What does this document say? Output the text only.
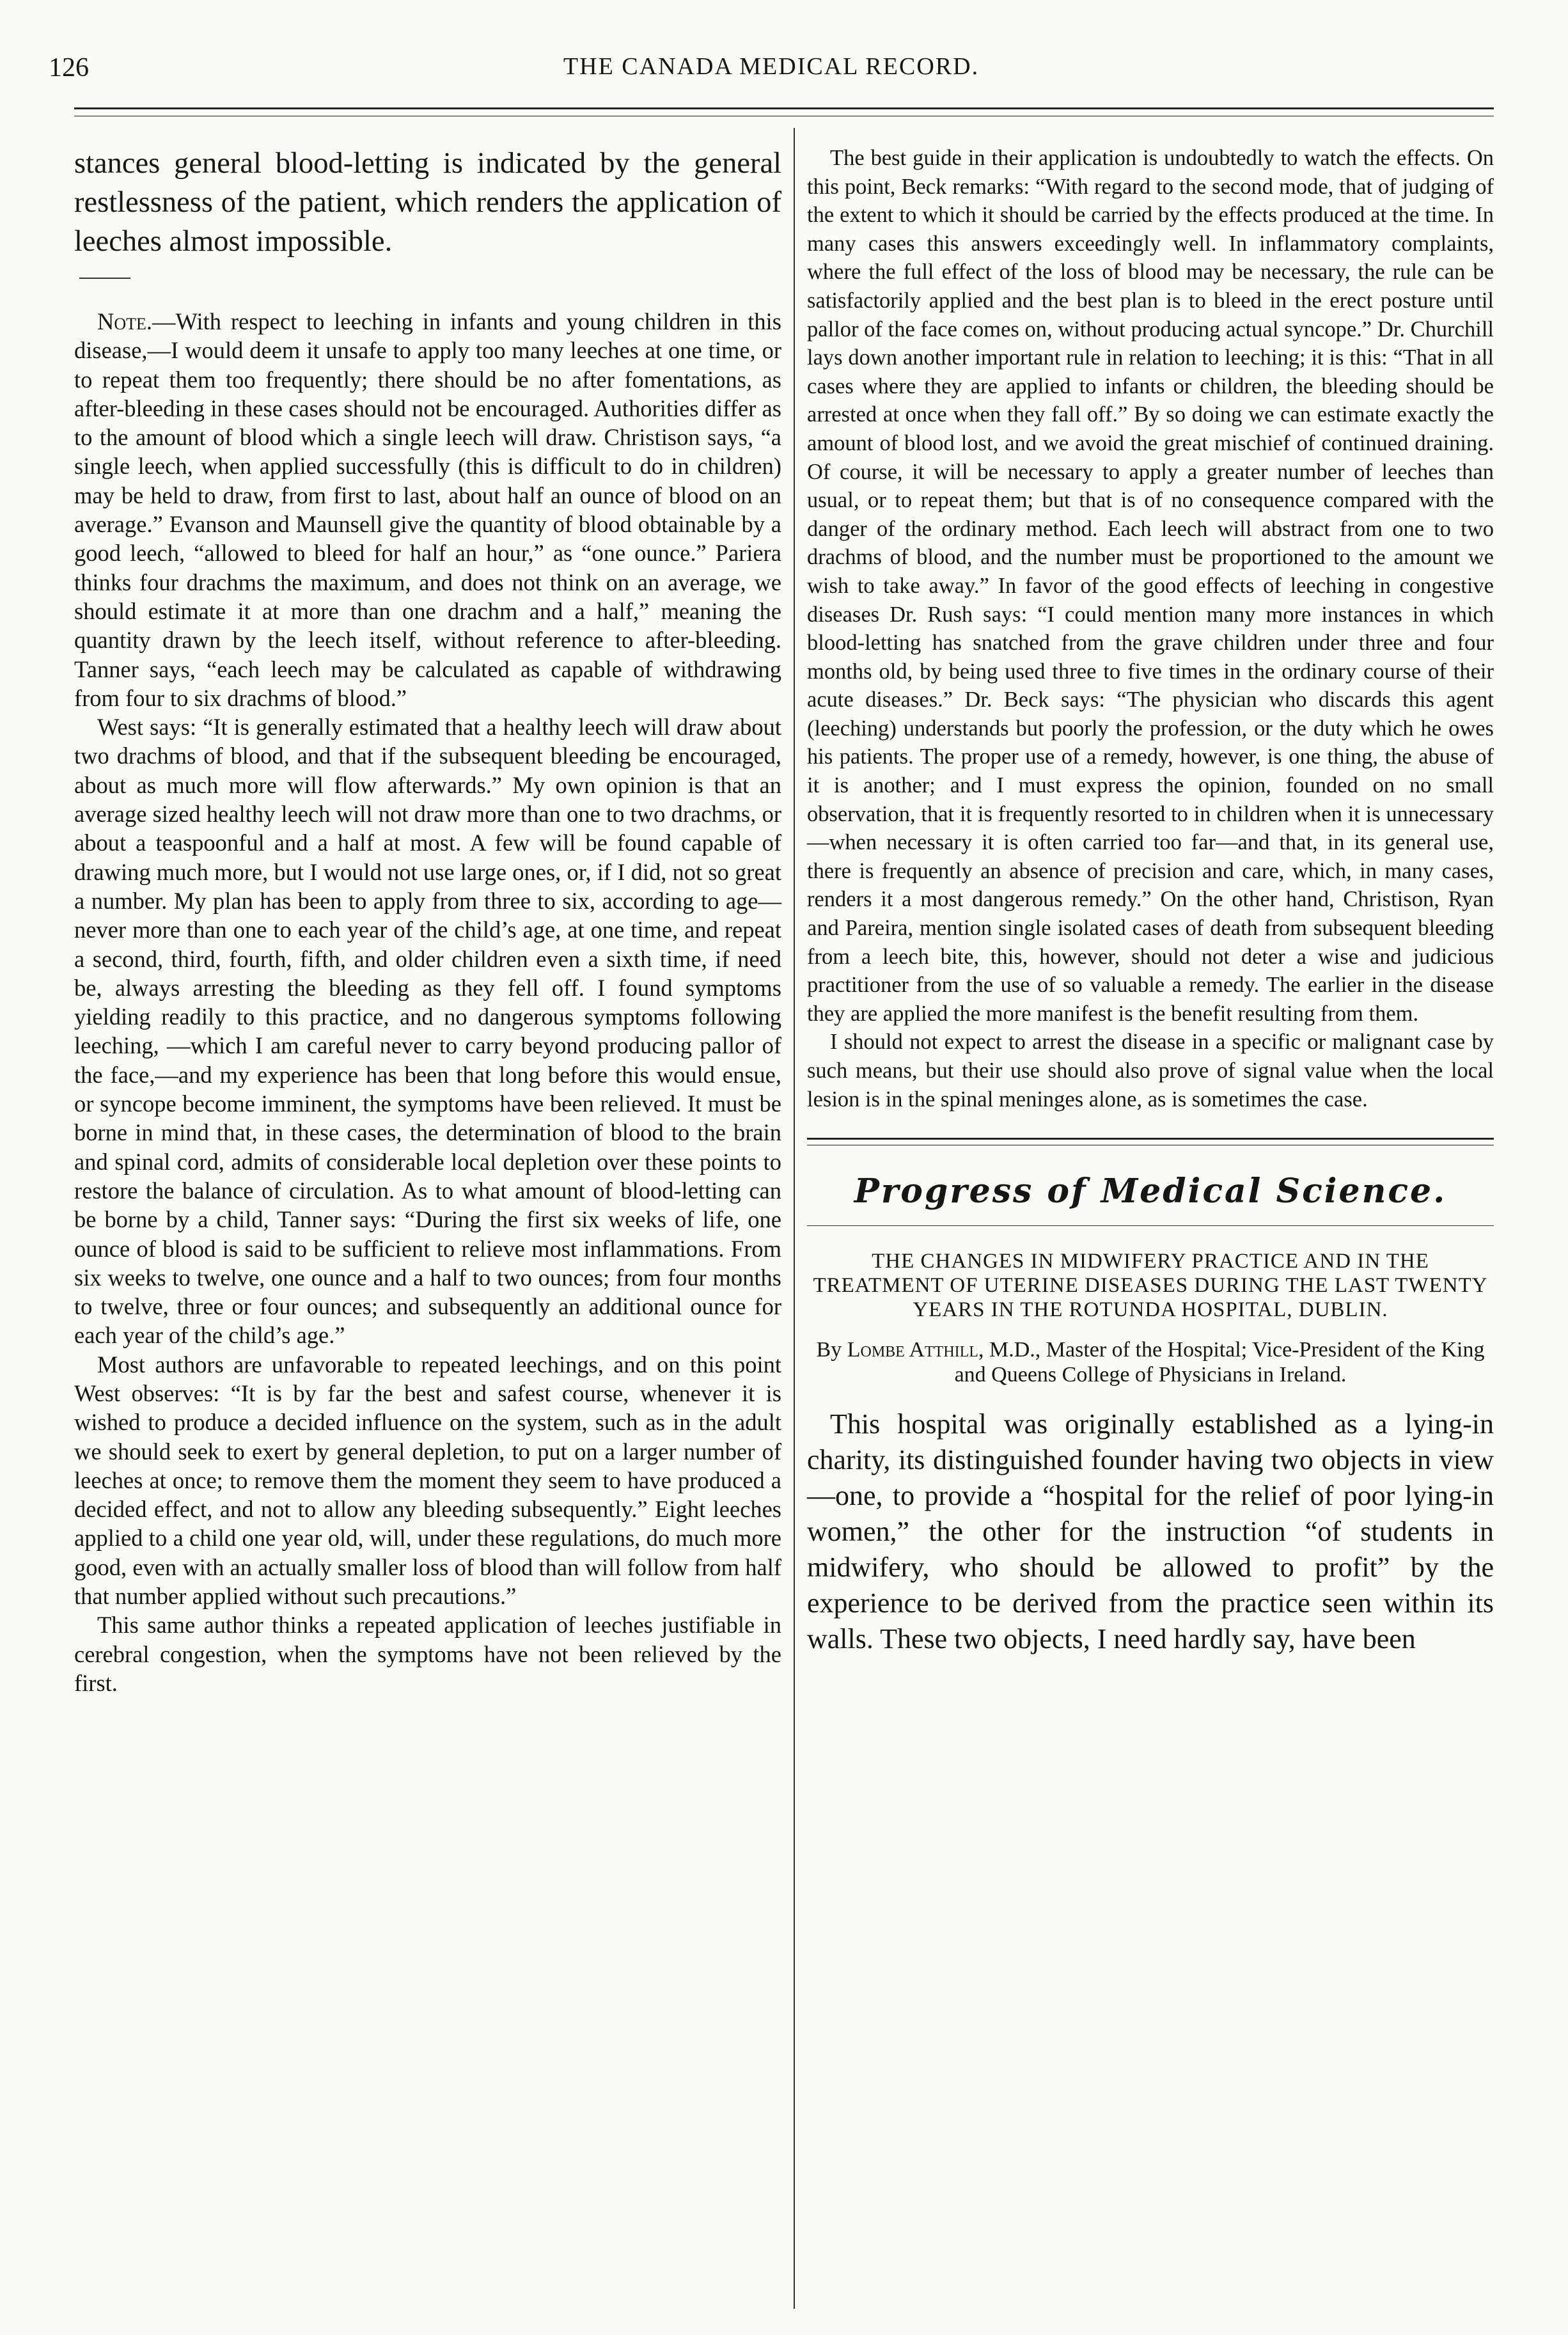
126	THE CANADA MEDICAL RECORD.

stances general blood-letting is indicated by the general restlessness of the patient, which renders the application of leeches almost impossible.

Note.—With respect to leeching in infants and young children in this disease,—I would deem it unsafe to apply too many leeches at one time, or to repeat them too frequently; there should be no after fomentations, as after-bleeding in these cases should not be encouraged. Authorities differ as to the amount of blood which a single leech will draw. Christison says, “a single leech, when applied successfully (this is difficult to do in children) may be held to draw, from first to last, about half an ounce of blood on an average.” Evanson and Maunsell give the quantity of blood obtainable by a good leech, “allowed to bleed for half an hour,” as “one ounce.” Pariera thinks four drachms the maximum, and does not think on an average, we should estimate it at more than one drachm and a half,” meaning the quantity drawn by the leech itself, without reference to after-bleeding. Tanner says, “each leech may be calculated as capable of withdrawing from four to six drachms of blood.”

West says: “It is generally estimated that a healthy leech will draw about two drachms of blood, and that if the subsequent bleeding be encouraged, about as much more will flow afterwards.” My own opinion is that an average sized healthy leech will not draw more than one to two drachms, or about a teaspoonful and a half at most. A few will be found capable of drawing much more, but I would not use large ones, or, if I did, not so great a number. My plan has been to apply from three to six, according to age—never more than one to each year of the child’s age, at one time, and repeat a second, third, fourth, fifth, and older children even a sixth time, if need be, always arresting the bleeding as they fell off. I found symptoms yielding readily to this practice, and no dangerous symptoms following leeching, —which I am careful never to carry beyond producing pallor of the face,—and my experience has been that long before this would ensue, or syncope become imminent, the symptoms have been relieved. It must be borne in mind that, in these cases, the determination of blood to the brain and spinal cord, admits of considerable local depletion over these points to restore the balance of circulation. As to what amount of blood-letting can be borne by a child, Tanner says: “During the first six weeks of life, one ounce of blood is said to be sufficient to relieve most inflammations. From six weeks to twelve, one ounce and a half to two ounces; from four months to twelve, three or four ounces; and subsequently an additional ounce for each year of the child’s age.”

Most authors are unfavorable to repeated leechings, and on this point West observes: “It is by far the best and safest course, whenever it is wished to produce a decided influence on the system, such as in the adult we should seek to exert by general depletion, to put on a larger number of leeches at once; to remove them the moment they seem to have produced a decided effect, and not to allow any bleeding subsequently.” Eight leeches applied to a child one year old, will, under these regulations, do much more good, even with an actually smaller loss of blood than will follow from half that number applied without such precautions.”

This same author thinks a repeated application of leeches justifiable in cerebral congestion, when the symptoms have not been relieved by the first.

The best guide in their application is undoubtedly to watch the effects. On this point, Beck remarks: “With regard to the second mode, that of judging of the extent to which it should be carried by the effects produced at the time. In many cases this answers exceedingly well. In inflammatory complaints, where the full effect of the loss of blood may be necessary, the rule can be satisfactorily applied and the best plan is to bleed in the erect posture until pallor of the face comes on, without producing actual syncope.” Dr. Churchill lays down another important rule in relation to leeching; it is this: “That in all cases where they are applied to infants or children, the bleeding should be arrested at once when they fall off.” By so doing we can estimate exactly the amount of blood lost, and we avoid the great mischief of continued draining. Of course, it will be necessary to apply a greater number of leeches than usual, or to repeat them; but that is of no consequence compared with the danger of the ordinary method. Each leech will abstract from one to two drachms of blood, and the number must be proportioned to the amount we wish to take away.” In favor of the good effects of leeching in congestive diseases Dr. Rush says: “I could mention many more instances in which blood-letting has snatched from the grave children under three and four months old, by being used three to five times in the ordinary course of their acute diseases.” Dr. Beck says: “The physician who discards this agent (leeching) understands but poorly the profession, or the duty which he owes his patients. The proper use of a remedy, however, is one thing, the abuse of it is another; and I must express the opinion, founded on no small observation, that it is frequently resorted to in children when it is unnecessary—when necessary it is often carried too far—and that, in its general use, there is frequently an absence of precision and care, which, in many cases, renders it a most dangerous remedy.” On the other hand, Christison, Ryan and Pareira, mention single isolated cases of death from subsequent bleeding from a leech bite, this, however, should not deter a wise and judicious practitioner from the use of so valuable a remedy. The earlier in the disease they are applied the more manifest is the benefit resulting from them.

I should not expect to arrest the disease in a specific or malignant case by such means, but their use should also prove of signal value when the local lesion is in the spinal meninges alone, as is sometimes the case.

Progress of Medical Science.
THE CHANGES IN MIDWIFERY PRACTICE AND IN THE TREATMENT OF UTERINE DISEASES DURING THE LAST TWENTY YEARS IN THE ROTUNDA HOSPITAL, DUBLIN.
By Lombe Atthill, M.D., Master of the Hospital; Vice-President of the King and Queens College of Physicians in Ireland.

This hospital was originally established as a lying-in charity, its distinguished founder having two objects in view—one, to provide a “hospital for the relief of poor lying-in women,” the other for the instruction “of students in midwifery, who should be allowed to profit” by the experience to be derived from the practice seen within its walls. These two objects, I need hardly say, have been
